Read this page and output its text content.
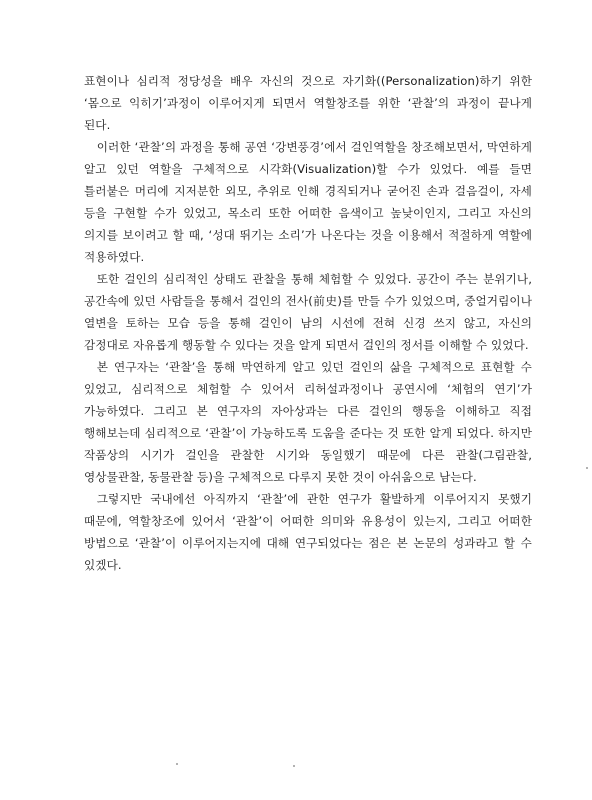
표현이나 심리적 정당성을 배우 자신의 것으로 자기화((Personalization)하기 위한 ‘몸으로 익히기’과정이 이루어지게 되면서 역할창조를 위한 ‘관찰’의 과정이 끝나게 된다.

이러한 ‘관찰’의 과정을 통해 공연 ‘강변풍경’에서 걸인역할을 창조해보면서, 막연하게 알고 있던 역할을 구체적으로 시각화(Visualization)할 수가 있었다. 예를 들면 틀러붙은 머리에 지저분한 외모, 추위로 인해 경직되거나 굳어진 손과 걸음걸이, 자세 등을 구현할 수가 있었고, 목소리 또한 어떠한 음색이고 높낮이인지, 그리고 자신의 의지를 보이려고 할 때, ‘성대 뛰기는 소리’가 나온다는 것을 이용해서 적절하게 역할에 적용하였다.

또한 걸인의 심리적인 상태도 관찰을 통해 체험할 수 있었다. 공간이 주는 분위기나, 공간속에 있던 사람들을 통해서 걸인의 전사(前史)를 만들 수가 있었으며, 중얼거림이나 열변을 토하는 모습 등을 통해 걸인이 남의 시선에 전혀 신경 쓰지 않고, 자신의 감정대로 자유롭게 행동할 수 있다는 것을 알게 되면서 걸인의 정서를 이해할 수 있었다.

본 연구자는 ‘관찰’을 통해 막연하게 알고 있던 걸인의 삶을 구체적으로 표현할 수 있었고, 심리적으로 체험할 수 있어서 리허설과정이나 공연시에 ‘체험의 연기’가 가능하였다. 그리고 본 연구자의 자아상과는 다른 걸인의 행동을 이해하고 직접 행해보는데 심리적으로 ‘관찰’이 가능하도록 도움을 준다는 것 또한 알게 되었다. 하지만 작품상의 시기가 걸인을 관찰한 시기와 동일했기 때문에 다른 관찰(그림관찰, 영상물관찰, 동물관찰 등)을 구체적으로 다루지 못한 것이 아쉬움으로 남는다.

그렇지만 국내에선 아직까지 ‘관찰’에 관한 연구가 활발하게 이루어지지 못했기 때문에, 역할창조에 있어서 ‘관찰’이 어떠한 의미와 유용성이 있는지, 그리고 어떠한 방법으로 ‘관찰’이 이루어지는지에 대해 연구되었다는 점은 본 논문의 성과라고 할 수 있겠다.
